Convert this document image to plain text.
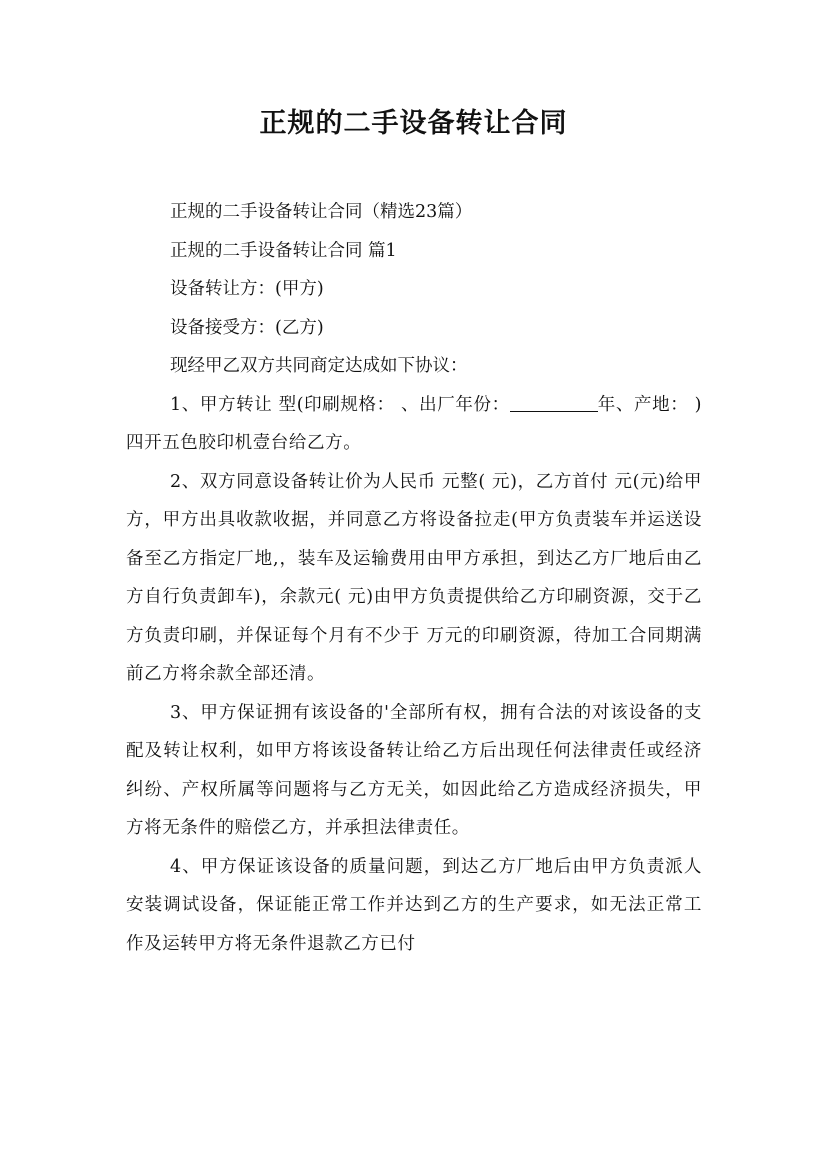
正规的二手设备转让合同

正规的二手设备转让合同（精选23篇）

正规的二手设备转让合同 篇1

设备转让方：(甲方)

设备接受方：(乙方)

现经甲乙双方共同商定达成如下协议：

1、甲方转让 型(印刷规格： 、出厂年份：	年、产地： )四开五色胶印机壹台给乙方。

2、双方同意设备转让价为人民币 元整( 元)，乙方首付 元(元)给甲方，甲方出具收款收据，并同意乙方将设备拉走(甲方负责装车并运送设备至乙方指定厂地,，装车及运输费用由甲方承担，到达乙方厂地后由乙方自行负责卸车)，余款元( 元)由甲方负责提供给乙方印刷资源，交于乙方负责印刷，并保证每个月有不少于 万元的印刷资源，待加工合同期满前乙方将余款全部还清。

3、甲方保证拥有该设备的'全部所有权，拥有合法的对该设备的支配及转让权利，如甲方将该设备转让给乙方后出现任何法律责任或经济纠纷、产权所属等问题将与乙方无关，如因此给乙方造成经济损失，甲方将无条件的赔偿乙方，并承担法律责任。

4、甲方保证该设备的质量问题，到达乙方厂地后由甲方负责派人安装调试设备，保证能正常工作并达到乙方的生产要求，如无法正常工作及运转甲方将无条件退款乙方已付
